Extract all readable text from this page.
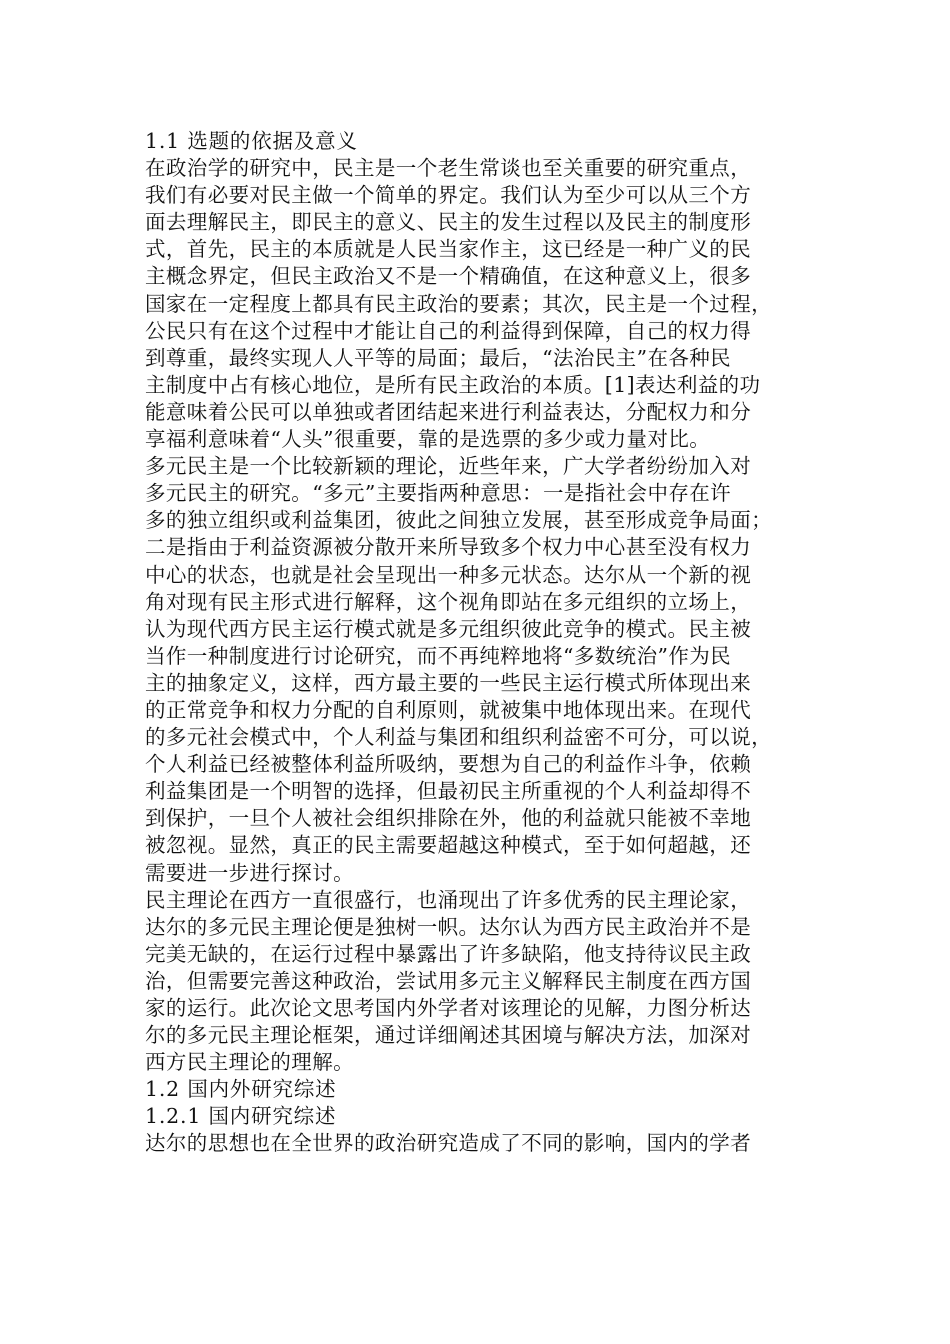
1.1 选题的依据及意义
在政治学的研究中，民主是一个老生常谈也至关重要的研究重点，
我们有必要对民主做一个简单的界定。我们认为至少可以从三个方
面去理解民主，即民主的意义、民主的发生过程以及民主的制度形
式，首先，民主的本质就是人民当家作主，这已经是一种广义的民
主概念界定，但民主政治又不是一个精确值，在这种意义上，很多
国家在一定程度上都具有民主政治的要素；其次，民主是一个过程，
公民只有在这个过程中才能让自己的利益得到保障，自己的权力得
到尊重，最终实现人人平等的局面；最后，“法治民主”在各种民
主制度中占有核心地位，是所有民主政治的本质。[1]表达利益的功
能意味着公民可以单独或者团结起来进行利益表达，分配权力和分
享福利意味着“人头”很重要，靠的是选票的多少或力量对比。
多元民主是一个比较新颖的理论，近些年来，广大学者纷纷加入对
多元民主的研究。“多元”主要指两种意思：一是指社会中存在许
多的独立组织或利益集团，彼此之间独立发展，甚至形成竞争局面；
二是指由于利益资源被分散开来所导致多个权力中心甚至没有权力
中心的状态，也就是社会呈现出一种多元状态。达尔从一个新的视
角对现有民主形式进行解释，这个视角即站在多元组织的立场上，
认为现代西方民主运行模式就是多元组织彼此竞争的模式。民主被
当作一种制度进行讨论研究，而不再纯粹地将“多数统治”作为民
主的抽象定义，这样，西方最主要的一些民主运行模式所体现出来
的正常竞争和权力分配的自利原则，就被集中地体现出来。在现代
的多元社会模式中，个人利益与集团和组织利益密不可分，可以说，
个人利益已经被整体利益所吸纳，要想为自己的利益作斗争，依赖
利益集团是一个明智的选择，但最初民主所重视的个人利益却得不
到保护，一旦个人被社会组织排除在外，他的利益就只能被不幸地
被忽视。显然，真正的民主需要超越这种模式，至于如何超越，还
需要进一步进行探讨。
民主理论在西方一直很盛行，也涌现出了许多优秀的民主理论家，
达尔的多元民主理论便是独树一帜。达尔认为西方民主政治并不是
完美无缺的，在运行过程中暴露出了许多缺陷，他支持待议民主政
治，但需要完善这种政治，尝试用多元主义解释民主制度在西方国
家的运行。此次论文思考国内外学者对该理论的见解，力图分析达
尔的多元民主理论框架，通过详细阐述其困境与解决方法，加深对
西方民主理论的理解。
1.2 国内外研究综述
1.2.1 国内研究综述
达尔的思想也在全世界的政治研究造成了不同的影响，国内的学者
